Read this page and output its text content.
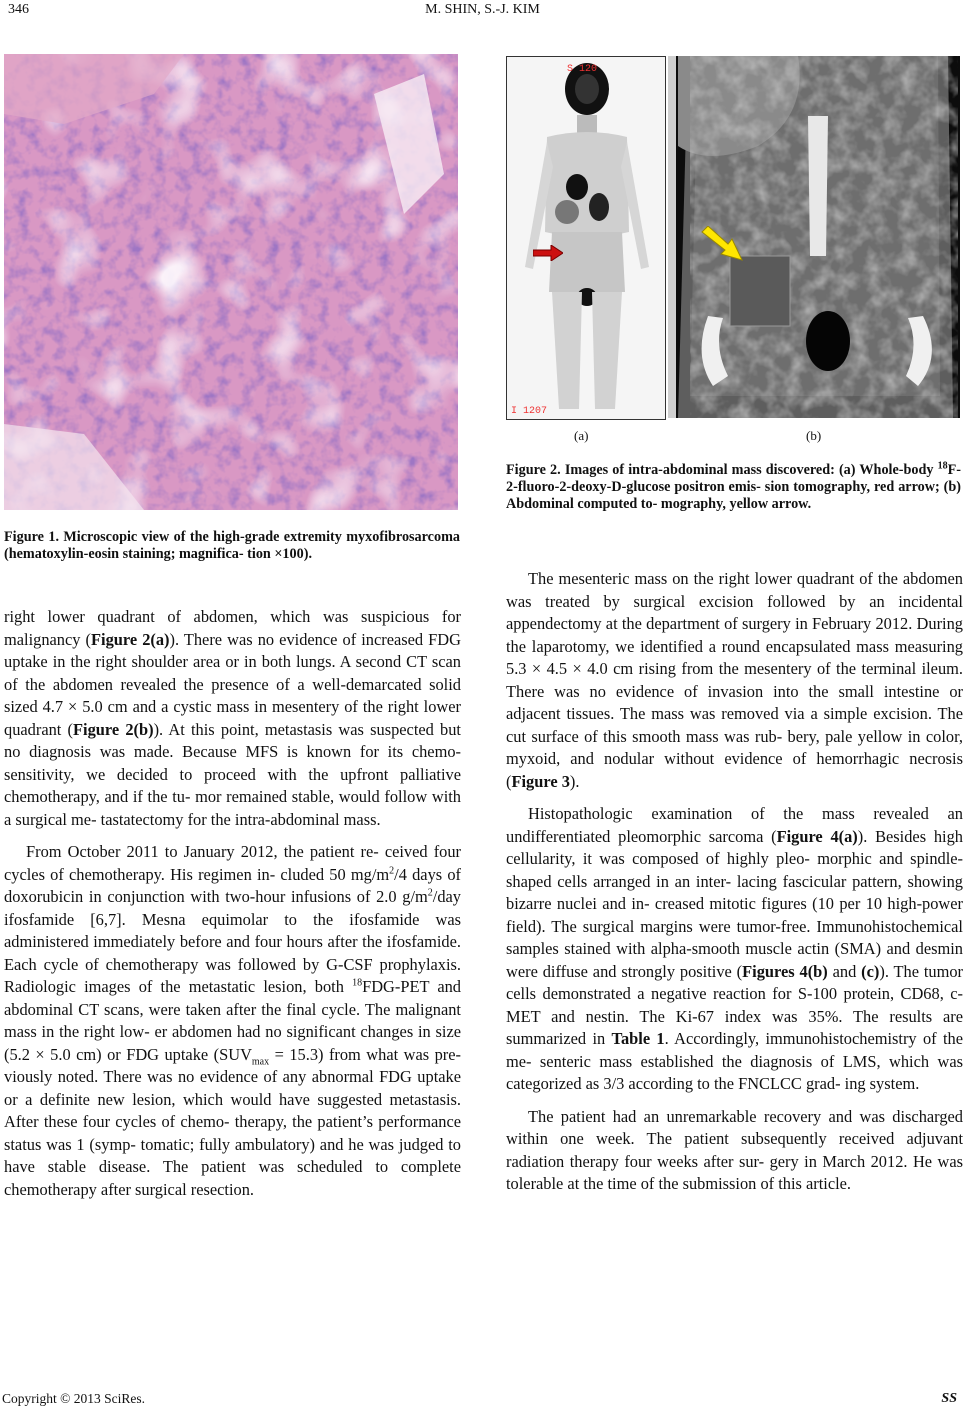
346	M. SHIN, S.-J. KIM
S 120
I 1207
(a)	(b)
Figure 1. Microscopic view of the high-grade extremity myxofibrosarcoma (hematoxylin-eosin staining; magnifica- tion ×100).
Figure 2. Images of intra-abdominal mass discovered: (a) Whole-body $^{18}$F-2-fluoro-2-deoxy-D-glucose positron emis- sion tomography, red arrow; (b) Abdominal computed to- mography, yellow arrow.

right lower quadrant of abdomen, which was suspicious for malignancy (Figure 2(a)). There was no evidence of increased FDG uptake in the right shoulder area or in both lungs. A second CT scan of the abdomen revealed the presence of a well-demarcated solid sized 4.7 × 5.0 cm and a cystic mass in mesentery of the right lower quadrant (Figure 2(b)). At this point, metastasis was suspected but no diagnosis was made. Because MFS is known for its chemo-sensitivity, we decided to proceed with the upfront palliative chemotherapy, and if the tu- mor remained stable, would follow with a surgical me- tastatectomy for the intra-abdominal mass.

From October 2011 to January 2012, the patient re- ceived four cycles of chemotherapy. His regimen in- cluded 50 $mg/m^2/4$ days of doxorubicin in conjunction with two-hour infusions of 2.0 $g/m^2$/day ifosfamide [6,7]. Mesna equimolar to the ifosfamide was administered immediately before and four hours after the ifosfamide. Each cycle of chemotherapy was followed by G-CSF prophylaxis. Radiologic images of the metastatic lesion, both $^{18}$FDG-PET and abdominal CT scans, were taken after the final cycle. The malignant mass in the right low- er abdomen had no significant changes in size (5.2 × 5.0 cm) or FDG uptake $(SUV_{max} = 15.3)$ from what was pre- viously noted. There was no evidence of any abnormal FDG uptake or a definite new lesion, which would have suggested metastasis. After these four cycles of chemo- therapy, the patient’s performance status was 1 (symp- tomatic; fully ambulatory) and he was judged to have stable disease. The patient was scheduled to complete chemotherapy after surgical resection.

The mesenteric mass on the right lower quadrant of the abdomen was treated by surgical excision followed by an incidental appendectomy at the department of surgery in February 2012. During the laparotomy, we identified a round encapsulated mass measuring 5.3 × 4.5 × 4.0 cm rising from the mesentery of the terminal ileum. There was no evidence of invasion into the small intestine or adjacent tissues. The mass was removed via a simple excision. The cut surface of this smooth mass was rub- bery, pale yellow in color, myxoid, and nodular without evidence of hemorrhagic necrosis (Figure 3).

Histopathologic examination of the mass revealed an undifferentiated pleomorphic sarcoma (Figure 4(a)). Besides high cellularity, it was composed of highly pleo- morphic and spindle-shaped cells arranged in an inter- lacing fascicular pattern, showing bizarre nuclei and in- creased mitotic figures (10 per 10 high-power field). The surgical margins were tumor-free. Immunohistochemical samples stained with alpha-smooth muscle actin (SMA) and desmin were diffuse and strongly positive (Figures 4(b) and (c)). The tumor cells demonstrated a negative reaction for S-100 protein, CD68, c-MET and nestin. The Ki-67 index was 35%. The results are summarized in Table 1. Accordingly, immunohistochemistry of the me- senteric mass established the diagnosis of LMS, which was categorized as 3/3 according to the FNCLCC grad- ing system.

The patient had an unremarkable recovery and was discharged within one week. The patient subsequently received adjuvant radiation therapy four weeks after sur- gery in March 2012. He was tolerable at the time of the submission of this article.

Copyright © 2013 SciRes.	SS
